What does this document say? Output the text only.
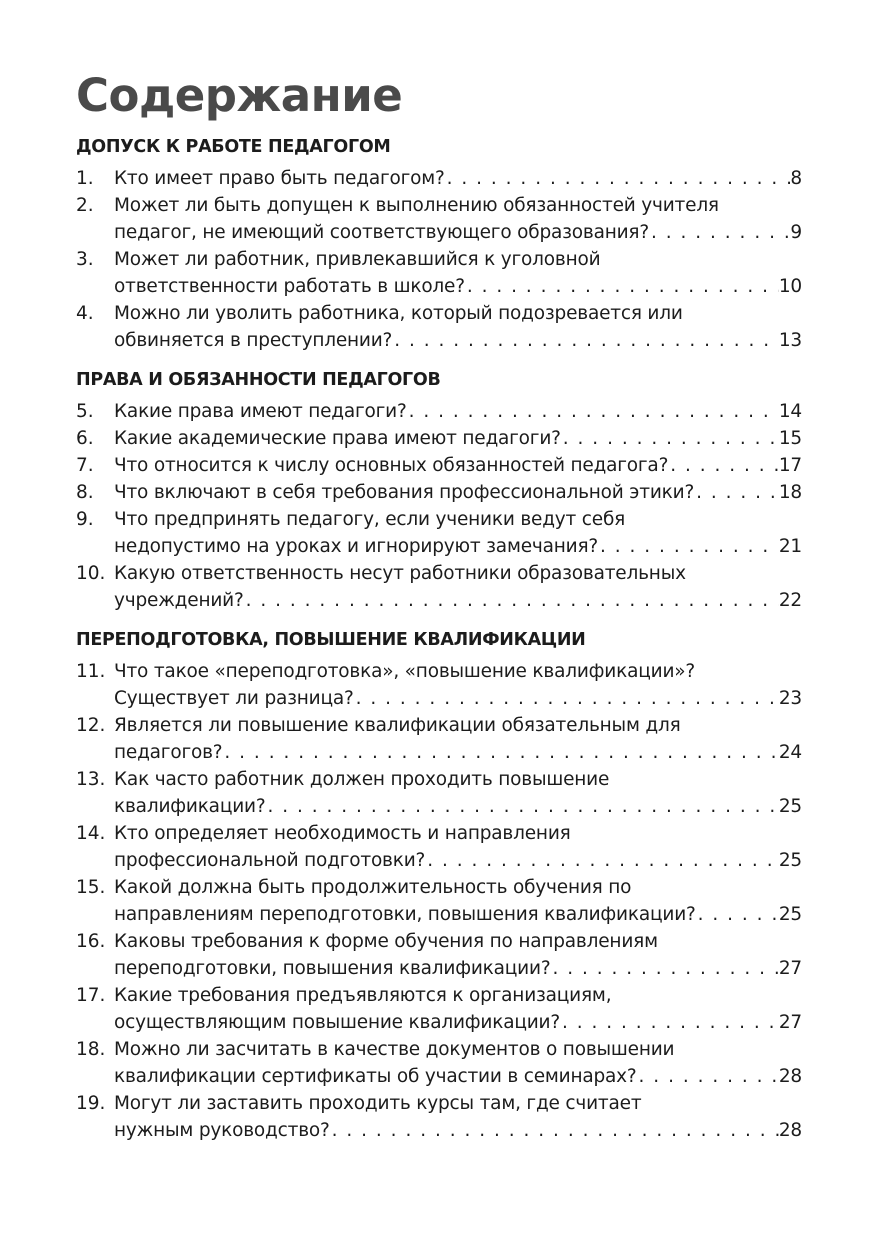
Содержание
ДОПУСК К РАБОТЕ ПЕДАГОГОМ
1. Кто имеет право быть педагогом? . . .	8
2. Может ли быть допущен к выполнению обязанностей учителя
педагог, не имеющий соответствующего образования? . . .	9
3. Может ли работник, привлекавшийся к уголовной
ответственности работать в школе? . . .	10
4. Можно ли уволить работника, который подозревается или
обвиняется в преступлении? . . .	13
ПРАВА И ОБЯЗАННОСТИ ПЕДАГОГОВ
5. Какие права имеют педагоги? . . .	14
6. Какие академические права имеют педагоги? . . .	15
7. Что относится к числу основных обязанностей педагога? . . .	17
8. Что включают в себя требования профессиональной этики? . . .	18
9. Что предпринять педагогу, если ученики ведут себя
недопустимо на уроках и игнорируют замечания? . . .	21
10. Какую ответственность несут работники образовательных
учреждений? . . .	22
ПЕРЕПОДГОТОВКА, ПОВЫШЕНИЕ КВАЛИФИКАЦИИ
11. Что такое «переподготовка», «повышение квалификации»?
Существует ли разница? . . .	23
12. Является ли повышение квалификации обязательным для
педагогов? . . .	24
13. Как часто работник должен проходить повышение
квалификации? . . .	25
14. Кто определяет необходимость и направления
профессиональной подготовки? . . .	25
15. Какой должна быть продолжительность обучения по
направлениям переподготовки, повышения квалификации? . . .	25
16. Каковы требования к форме обучения по направлениям
переподготовки, повышения квалификации? . . .	27
17. Какие требования предъявляются к организациям,
осуществляющим повышение квалификации? . . .	27
18. Можно ли засчитать в качестве документов о повышении
квалификации сертификаты об участии в семинарах? . . .	28
19. Могут ли заставить проходить курсы там, где считает
нужным руководство? . . .	28
